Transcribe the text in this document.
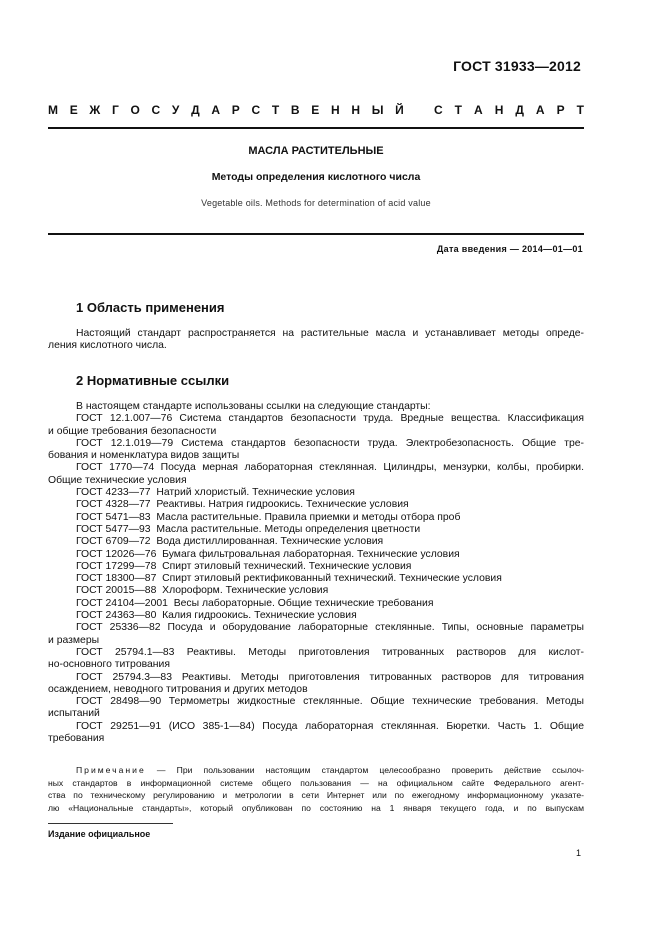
ГОСТ 31933—2012
М Е Ж Г О С У Д А Р С Т В Е Н Н Ы Й	С Т А Н Д А Р Т
МАСЛА РАСТИТЕЛЬНЫЕ
Методы определения кислотного числа
Vegetable oils. Methods for determination of acid value
Дата введения — 2014—01—01
1 Область применения
Настоящий стандарт распространяется на растительные масла и устанавливает методы опреде-
ления кислотного числа.
2 Нормативные ссылки
В настоящем стандарте использованы ссылки на следующие стандарты:
ГОСТ 12.1.007—76 Система стандартов безопасности труда. Вредные вещества. Классификация
и общие требования безопасности
ГОСТ 12.1.019—79 Система стандартов безопасности труда. Электробезопасность. Общие тре-
бования и номенклатура видов защиты
ГОСТ 1770—74 Посуда мерная лабораторная стеклянная. Цилиндры, мензурки, колбы, пробирки.
Общие технические условия
ГОСТ 4233—77  Натрий хлористый. Технические условия
ГОСТ 4328—77  Реактивы. Натрия гидроокись. Технические условия
ГОСТ 5471—83  Масла растительные. Правила приемки и методы отбора проб
ГОСТ 5477—93  Масла растительные. Методы определения цветности
ГОСТ 6709—72  Вода дистиллированная. Технические условия
ГОСТ 12026—76  Бумага фильтровальная лабораторная. Технические условия
ГОСТ 17299—78  Спирт этиловый технический. Технические условия
ГОСТ 18300—87  Спирт этиловый ректификованный технический. Технические условия
ГОСТ 20015—88  Хлороформ. Технические условия
ГОСТ 24104—2001  Весы лабораторные. Общие технические требования
ГОСТ 24363—80  Калия гидроокись. Технические условия
ГОСТ 25336—82 Посуда и оборудование лабораторные стеклянные. Типы, основные параметры
и размеры
ГОСТ 25794.1—83 Реактивы. Методы приготовления титрованных растворов для кислот-
но-основного титрования
ГОСТ 25794.3—83 Реактивы. Методы приготовления титрованных растворов для титрования
осаждением, неводного титрования и других методов
ГОСТ 28498—90 Термометры жидкостные стеклянные. Общие технические требования. Методы
испытаний
ГОСТ 29251—91 (ИСО 385-1—84) Посуда лабораторная стеклянная. Бюретки. Часть 1. Общие
требования
Примечание — При пользовании настоящим стандартом целесообразно проверить действие ссылоч-
ных стандартов в информационной системе общего пользования — на официальном сайте Федерального агент-
ства по техническому регулированию и метрологии в сети Интернет или по ежегодному информационному указате-
лю «Национальные стандарты», который опубликован по состоянию на 1 января текущего года, и по выпускам
Издание официальное
1
